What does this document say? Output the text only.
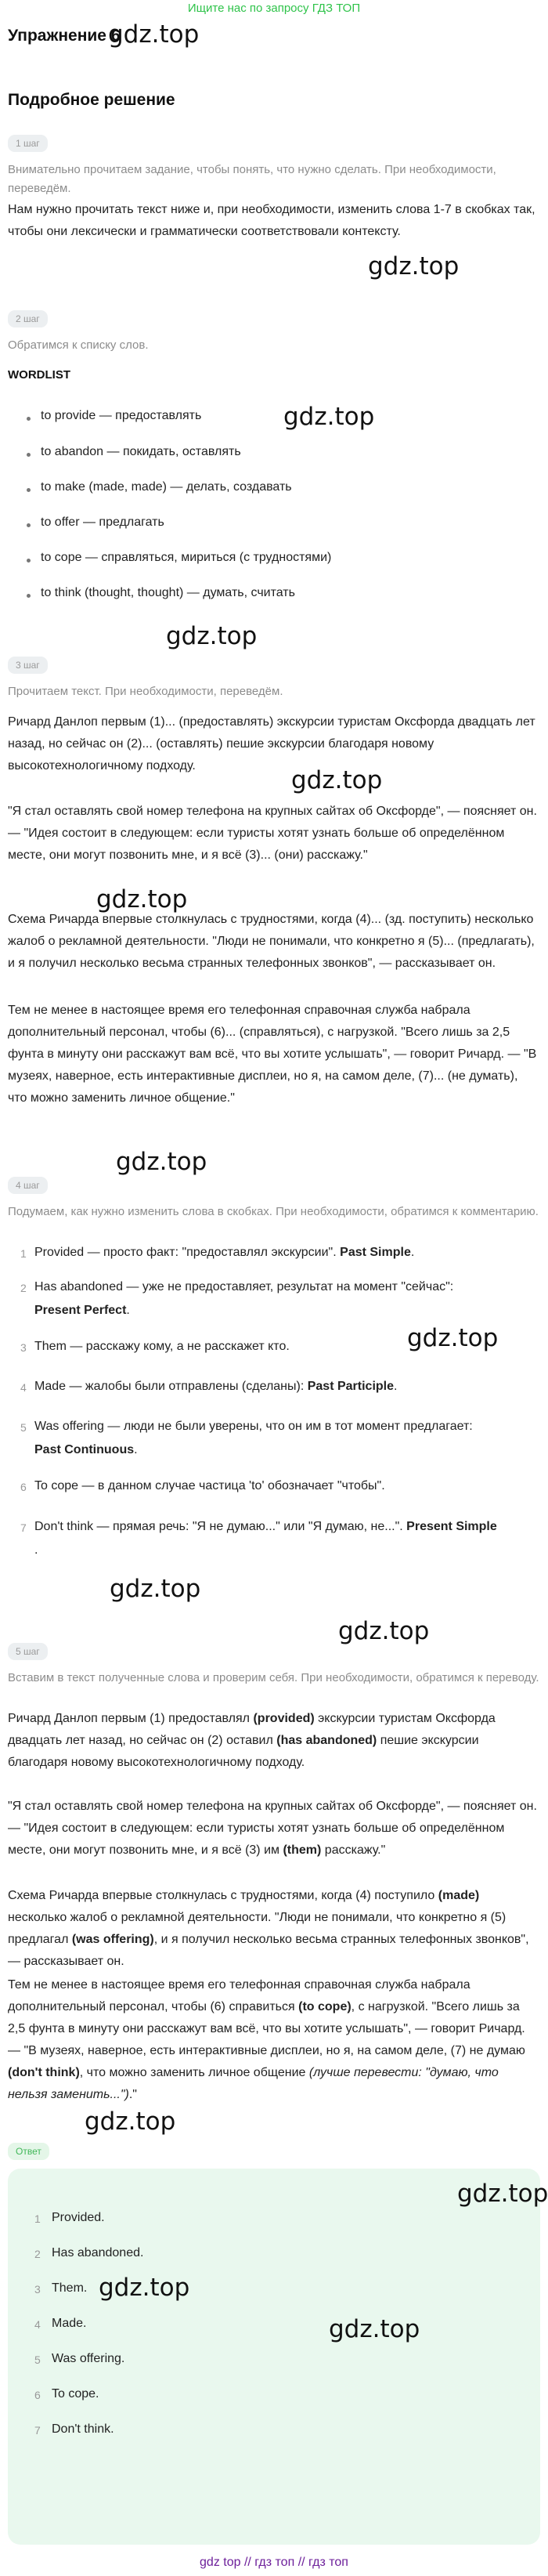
Ищите нас по запросу ГДЗ ТОП
Упражнение 6
gdz.top
Подробное решение
1 шаг
Внимательно прочитаем задание, чтобы понять, что нужно сделать. При необходимости, переведём.
Нам нужно прочитать текст ниже и, при необходимости, изменить слова 1-7 в скобках так, чтобы они лексически и грамматически соответствовали контексту.
gdz.top
2 шаг
Обратимся к списку слов.
WORDLIST
gdz.top
to provide — предоставлять
to abandon — покидать, оставлять
to make (made, made) — делать, создавать
to offer — предлагать
to cope — справляться, мириться (с трудностями)
to think (thought, thought) — думать, считать
gdz.top
3 шаг
Прочитаем текст. При необходимости, переведём.
Ричард Данлоп первым (1)... (предоставлять) экскурсии туристам Оксфорда двадцать лет назад, но сейчас он (2)... (оставлять) пешие экскурсии благодаря новому высокотехнологичному подходу.
gdz.top
"Я стал оставлять свой номер телефона на крупных сайтах об Оксфорде", — поясняет он. — "Идея состоит в следующем: если туристы хотят узнать больше об определённом месте, они могут позвонить мне, и я всё (3)... (они) расскажу."
gdz.top
Схема Ричарда впервые столкнулась с трудностями, когда (4)... (зд. поступить) несколько жалоб о рекламной деятельности. "Люди не понимали, что конкретно я (5)... (предлагать), и я получил несколько весьма странных телефонных звонков", — рассказывает он.
Тем не менее в настоящее время его телефонная справочная служба набрала дополнительный персонал, чтобы (6)... (справляться), с нагрузкой. "Всего лишь за 2,5 фунта в минуту они расскажут вам всё, что вы хотите услышать", — говорит Ричард. — "В музеях, наверное, есть интерактивные дисплеи, но я, на самом деле, (7)... (не думать), что можно заменить личное общение."
gdz.top
4 шаг
Подумаем, как нужно изменить слова в скобках. При необходимости, обратимся к комментарию.
1 Provided — просто факт: "предоставлял экскурсии". Past Simple.
2 Has abandoned — уже не предоставляет, результат на момент "сейчас":
Present Perfect.
3 Them — расскажу кому, а не расскажет кто.	gdz.top
4 Made — жалобы были отправлены (сделаны): Past Participle.
5 Was offering — люди не были уверены, что он им в тот момент предлагает:
Past Continuous.
6 To cope — в данном случае частица 'to' обозначает "чтобы".
7 Don't think — прямая речь: "Я не думаю..." или "Я думаю, не...". Present Simple
.
gdz.top
gdz.top
5 шаг
Вставим в текст полученные слова и проверим себя. При необходимости, обратимся к переводу.
Ричард Данлоп первым (1) предоставлял (provided) экскурсии туристам Оксфорда двадцать лет назад, но сейчас он (2) оставил (has abandoned) пешие экскурсии благодаря новому высокотехнологичному подходу.
"Я стал оставлять свой номер телефона на крупных сайтах об Оксфорде", — поясняет он. — "Идея состоит в следующем: если туристы хотят узнать больше об определённом месте, они могут позвонить мне, и я всё (3) им (them) расскажу."
Схема Ричарда впервые столкнулась с трудностями, когда (4) поступило (made) несколько жалоб о рекламной деятельности. "Люди не понимали, что конкретно я (5) предлагал (was offering), и я получил несколько весьма странных телефонных звонков", — рассказывает он.
Тем не менее в настоящее время его телефонная справочная служба набрала дополнительный персонал, чтобы (6) справиться (to cope), с нагрузкой. "Всего лишь за 2,5 фунта в минуту они расскажут вам всё, что вы хотите услышать", — говорит Ричард. — "В музеях, наверное, есть интерактивные дисплеи, но я, на самом деле, (7) не думаю (don't think), что можно заменить личное общение (лучше перевести: "думаю, что нельзя заменить...")."
gdz.top
Ответ
gdz.top
1 Provided.
2 Has abandoned.
3 Them. gdz.top
4 Made.	gdz.top
5 Was offering.
6 To cope.
7 Don't think.
gdz top // гдз топ // гдз топ
